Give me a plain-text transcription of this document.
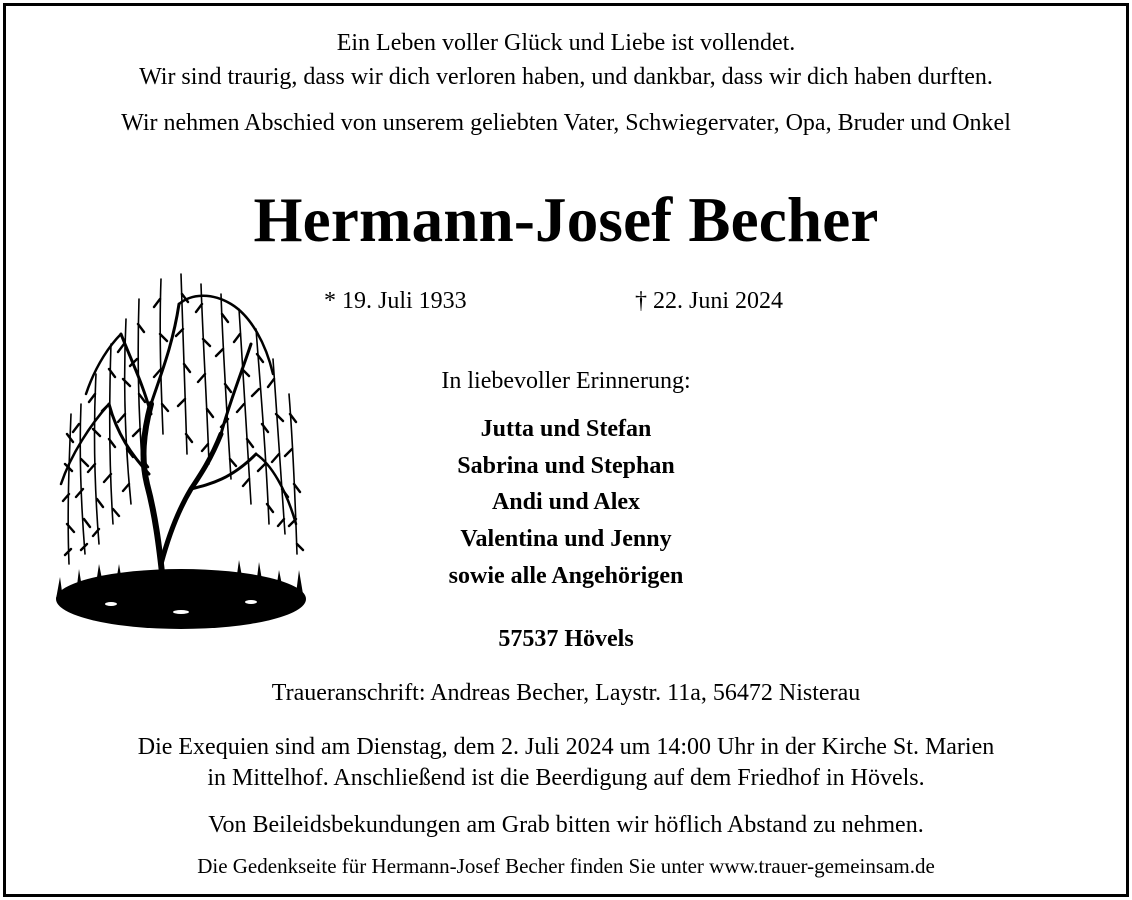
Ein Leben voller Glück und Liebe ist vollendet.
Wir sind traurig, dass wir dich verloren haben, und dankbar, dass wir dich haben durften.
Wir nehmen Abschied von unserem geliebten Vater, Schwiegervater, Opa, Bruder und Onkel
Hermann-Josef Becher
* 19. Juli 1933	† 22. Juni 2024
In liebevoller Erinnerung:
Jutta und Stefan
Sabrina und Stephan
Andi und Alex
Valentina und Jenny
sowie alle Angehörigen
57537 Hövels
Traueranschrift: Andreas Becher, Laystr. 11a, 56472 Nisterau
Die Exequien sind am Dienstag, dem 2. Juli 2024 um 14:00 Uhr in der Kirche St. Marien
in Mittelhof. Anschließend ist die Beerdigung auf dem Friedhof in Hövels.
Von Beileidsbekundungen am Grab bitten wir höflich Abstand zu nehmen.
Die Gedenkseite für Hermann-Josef Becher finden Sie unter www.trauer-gemeinsam.de
